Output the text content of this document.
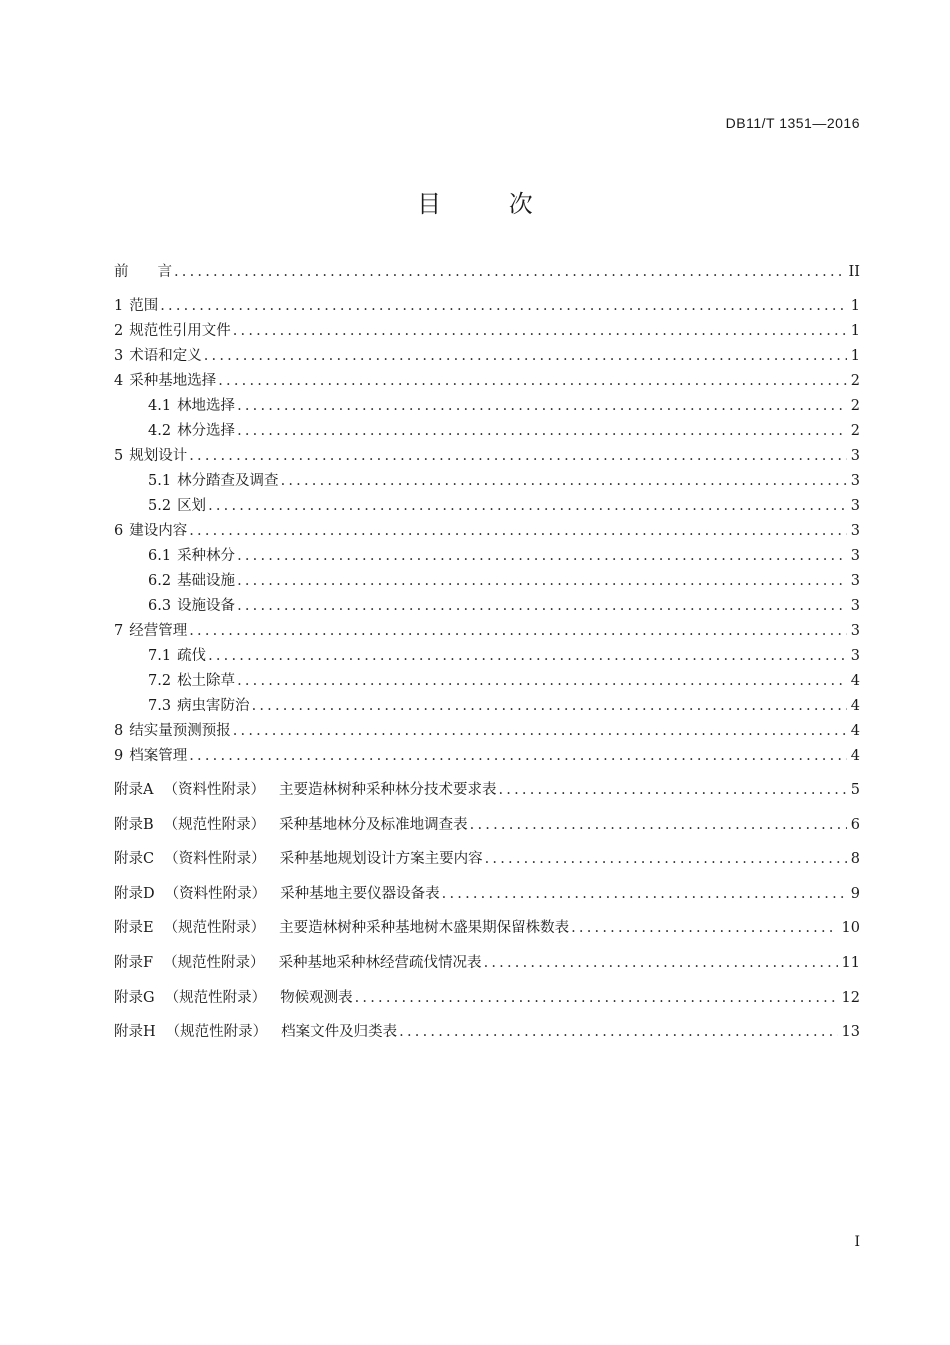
DB11/T 1351—2016
目 次
前　　言 .....	II
1 范围 .....	1
2 规范性引用文件 .....	1
3 术语和定义 .....	1
4 采种基地选择 .....	2
4.1 林地选择 .....	2
4.2 林分选择 .....	2
5 规划设计 .....	3
5.1 林分踏查及调查 .....	3
5.2 区划 .....	3
6 建设内容 .....	3
6.1 采种林分 .....	3
6.2 基础设施 .....	3
6.3 设施设备 .....	3
7 经营管理 .....	3
7.1 疏伐 .....	3
7.2 松土除草 .....	4
7.3 病虫害防治 .....	4
8 结实量预测预报 .....	4
9 档案管理 .....	4
附录A （资料性附录） 主要造林树种采种林分技术要求表 .....	5
附录B （规范性附录） 采种基地林分及标准地调查表 .....	6
附录C （资料性附录） 采种基地规划设计方案主要内容 .....	8
附录D （资料性附录） 采种基地主要仪器设备表 .....	9
附录E （规范性附录） 主要造林树种采种基地树木盛果期保留株数表 .....	10
附录F （规范性附录） 采种基地采种林经营疏伐情况表 .....	11
附录G （规范性附录） 物候观测表 .....	12
附录H （规范性附录） 档案文件及归类表 .....	13
I
